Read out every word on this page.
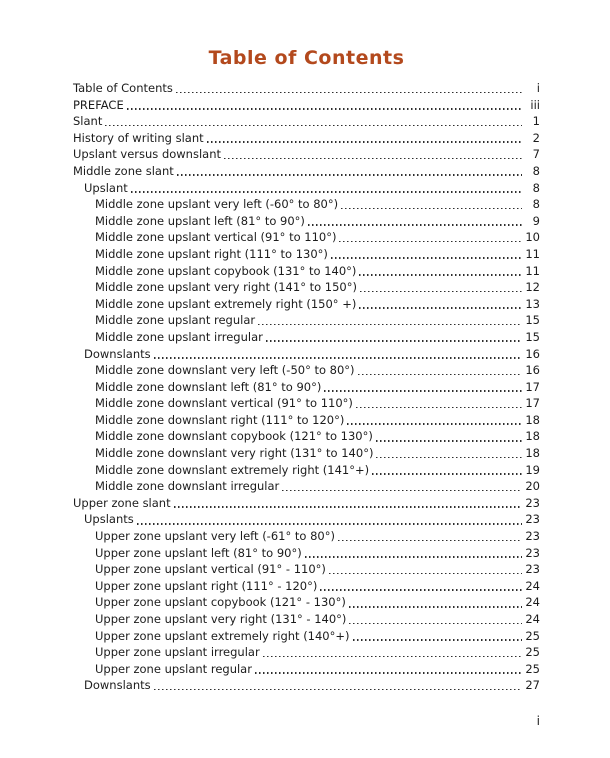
Table of Contents
Table of Contents	i
PREFACE	iii
Slant	1
History of writing slant	2
Upslant versus downslant	7
Middle zone slant	8
Upslant	8
Middle zone upslant very left (-60° to 80°)	8
Middle zone upslant left (81° to 90°)	9
Middle zone upslant vertical (91° to 110°)	10
Middle zone upslant right (111° to 130°)	11
Middle zone upslant copybook (131° to 140°)	11
Middle zone upslant very right (141° to 150°)	12
Middle zone upslant extremely right (150° +)	13
Middle zone upslant regular	15
Middle zone upslant irregular	15
Downslants	16
Middle zone downslant very left (-50° to 80°)	16
Middle zone downslant left (81° to 90°)	17
Middle zone downslant vertical (91° to 110°)	17
Middle zone downslant right (111° to 120°)	18
Middle zone downslant copybook (121° to 130°)	18
Middle zone downslant very right (131° to 140°)	18
Middle zone downslant extremely right (141°+)	19
Middle zone downslant irregular	20
Upper zone slant	23
Upslants	23
Upper zone upslant very left (-61° to 80°)	23
Upper zone upslant left (81° to 90°)	23
Upper zone upslant vertical (91° - 110°)	23
Upper zone upslant right (111° - 120°)	24
Upper zone upslant copybook (121° - 130°)	24
Upper zone upslant very right (131° - 140°)	24
Upper zone upslant extremely right (140°+)	25
Upper zone upslant irregular	25
Upper zone upslant regular	25
Downslants	27
i
